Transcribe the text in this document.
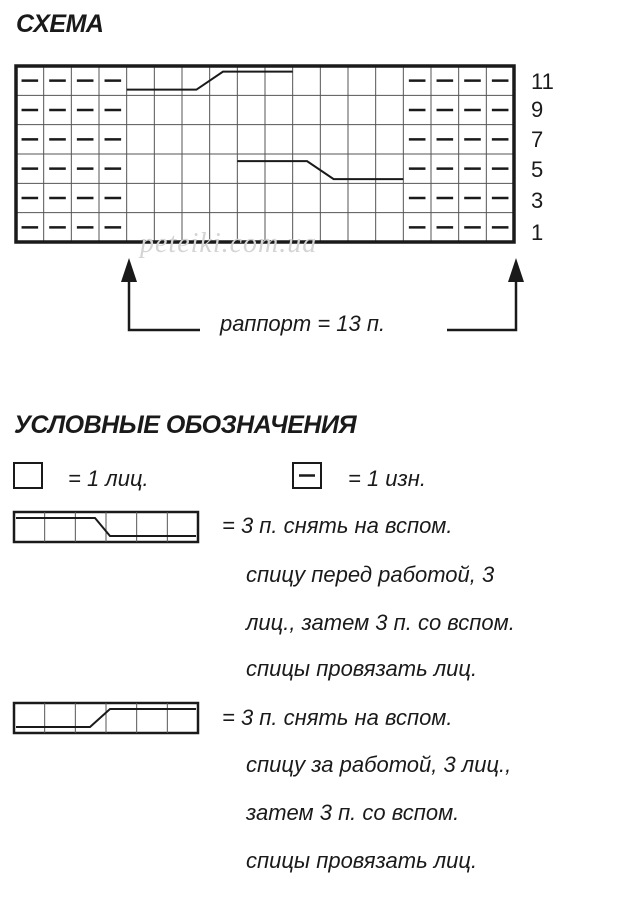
СХЕМА
peteiki.com.ua
11
9
7
5
3
1
раппорт = 13 п.
УСЛОВНЫЕ ОБОЗНАЧЕНИЯ
= 1 лиц.	= 1 изн.
= 3 п. снять на вспом.
спицу перед работой, 3
лиц., затем 3 п. со вспом.
спицы провязать лиц.
= 3 п. снять на вспом.
спицу за работой, 3 лиц.,
затем 3 п. со вспом.
спицы провязать лиц.
